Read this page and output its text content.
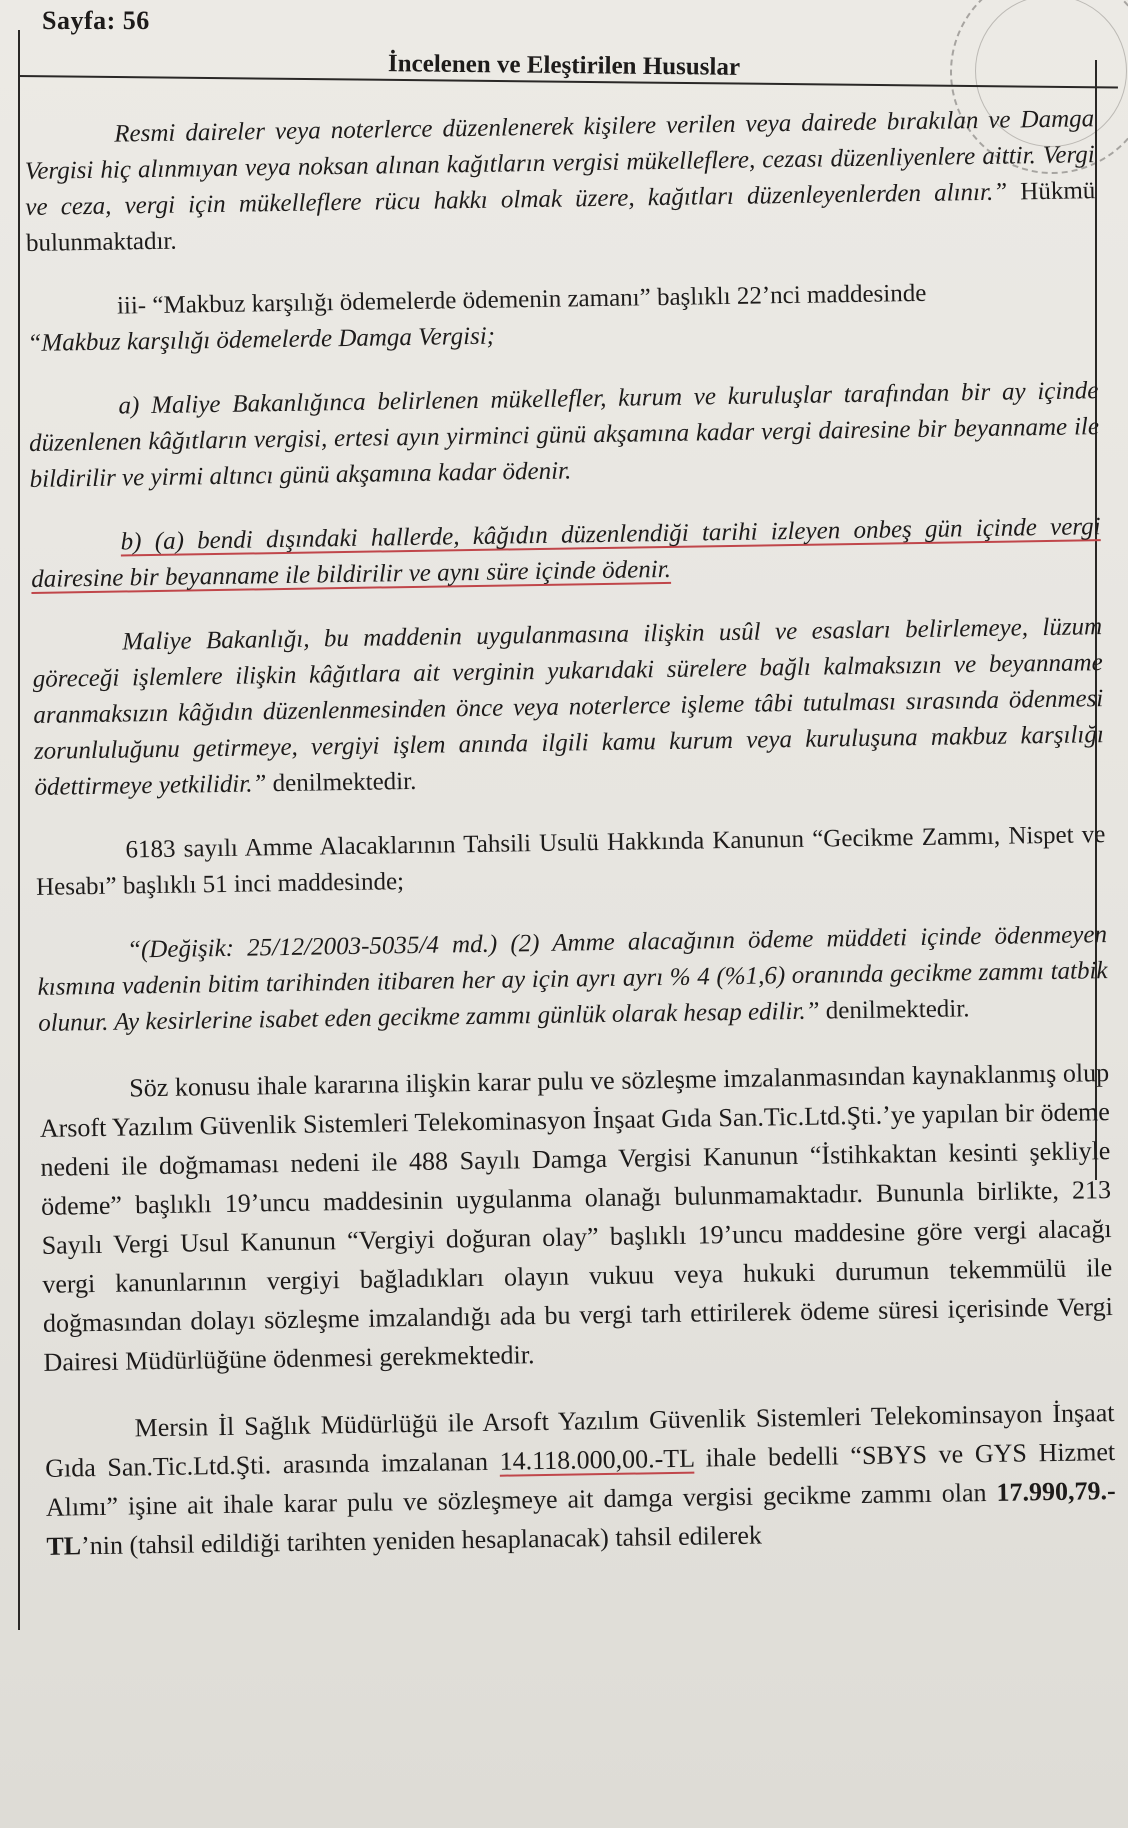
Sayfa: 56
İncelenen ve Eleştirilen Hususlar

Resmi daireler veya noterlerce düzenlenerek kişilere verilen veya dairede bırakılan ve Damga Vergisi hiç alınmıyan veya noksan alınan kağıtların vergisi mükelleflere, cezası düzenliyenlere aittir. Vergi ve ceza, vergi için mükelleflere rücu hakkı olmak üzere, kağıtları düzenleyenlerden alınır.” Hükmü bulunmaktadır.

iii- “Makbuz karşılığı ödemelerde ödemenin zamanı” başlıklı 22’nci maddesinde
“Makbuz karşılığı ödemelerde Damga Vergisi;

a) Maliye Bakanlığınca belirlenen mükellefler, kurum ve kuruluşlar tarafından bir ay içinde düzenlenen kâğıtların vergisi, ertesi ayın yirminci günü akşamına kadar vergi dairesine bir beyanname ile bildirilir ve yirmi altıncı günü akşamına kadar ödenir.

b) (a) bendi dışındaki hallerde, kâğıdın düzenlendiği tarihi izleyen onbeş gün içinde vergi dairesine bir beyanname ile bildirilir ve aynı süre içinde ödenir.

Maliye Bakanlığı, bu maddenin uygulanmasına ilişkin usûl ve esasları belirlemeye, lüzum göreceği işlemlere ilişkin kâğıtlara ait verginin yukarıdaki sürelere bağlı kalmaksızın ve beyanname aranmaksızın kâğıdın düzenlenmesinden önce veya noterlerce işleme tâbi tutulması sırasında ödenmesi zorunluluğunu getirmeye, vergiyi işlem anında ilgili kamu kurum veya kuruluşuna makbuz karşılığı ödettirmeye yetkilidir.” denilmektedir.

6183 sayılı Amme Alacaklarının Tahsili Usulü Hakkında Kanunun “Gecikme Zammı, Nispet ve Hesabı” başlıklı 51 inci maddesinde;

“(Değişik: 25/12/2003-5035/4 md.) (2) Amme alacağının ödeme müddeti içinde ödenmeyen kısmına vadenin bitim tarihinden itibaren her ay için ayrı ayrı % 4 (%1,6) oranında gecikme zammı tatbik olunur. Ay kesirlerine isabet eden gecikme zammı günlük olarak hesap edilir.” denilmektedir.

Söz konusu ihale kararına ilişkin karar pulu ve sözleşme imzalanmasından kaynaklanmış olup Arsoft Yazılım Güvenlik Sistemleri Telekominasyon İnşaat Gıda San.Tic.Ltd.Şti.’ye yapılan bir ödeme nedeni ile doğmaması nedeni ile 488 Sayılı Damga Vergisi Kanunun “İstihkaktan kesinti şekliyle ödeme” başlıklı 19’uncu maddesinin uygulanma olanağı bulunmamaktadır. Bununla birlikte, 213 Sayılı Vergi Usul Kanunun “Vergiyi doğuran olay” başlıklı 19’uncu maddesine göre vergi alacağı vergi kanunlarının vergiyi bağladıkları olayın vukuu veya hukuki durumun tekemmülü ile doğmasından dolayı sözleşme imzalandığı ada bu vergi tarh ettirilerek ödeme süresi içerisinde Vergi Dairesi Müdürlüğüne ödenmesi gerekmektedir.

Mersin İl Sağlık Müdürlüğü ile Arsoft Yazılım Güvenlik Sistemleri Telekominsayon İnşaat Gıda San.Tic.Ltd.Şti. arasında imzalanan 14.118.000,00.-TL ihale bedelli “SBYS ve GYS Hizmet Alımı” işine ait ihale karar pulu ve sözleşmeye ait damga vergisi gecikme zammı olan 17.990,79.-TL’nin (tahsil edildiği tarihten yeniden hesaplanacak) tahsil edilerek
